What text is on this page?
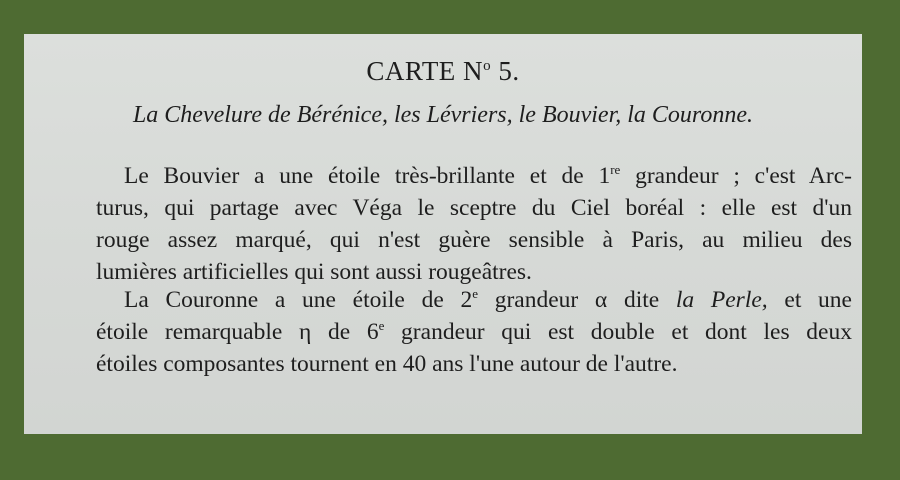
CARTE $N^o$ 5.
La Chevelure de Bérénice, les Lévriers, le Bouvier, la Couronne.
Le Bouvier a une étoile très-brillante et de 1re grandeur ; c'est Arc-
turus, qui partage avec Véga le sceptre du Ciel boréal : elle est d'un
rouge assez marqué, qui n'est guère sensible à Paris, au milieu des
lumières artificielles qui sont aussi rougeâtres.
La Couronne a une étoile de 2e grandeur α dite la Perle, et une
étoile remarquable η de 6e grandeur qui est double et dont les deux
étoiles composantes tournent en 40 ans l'une autour de l'autre.
